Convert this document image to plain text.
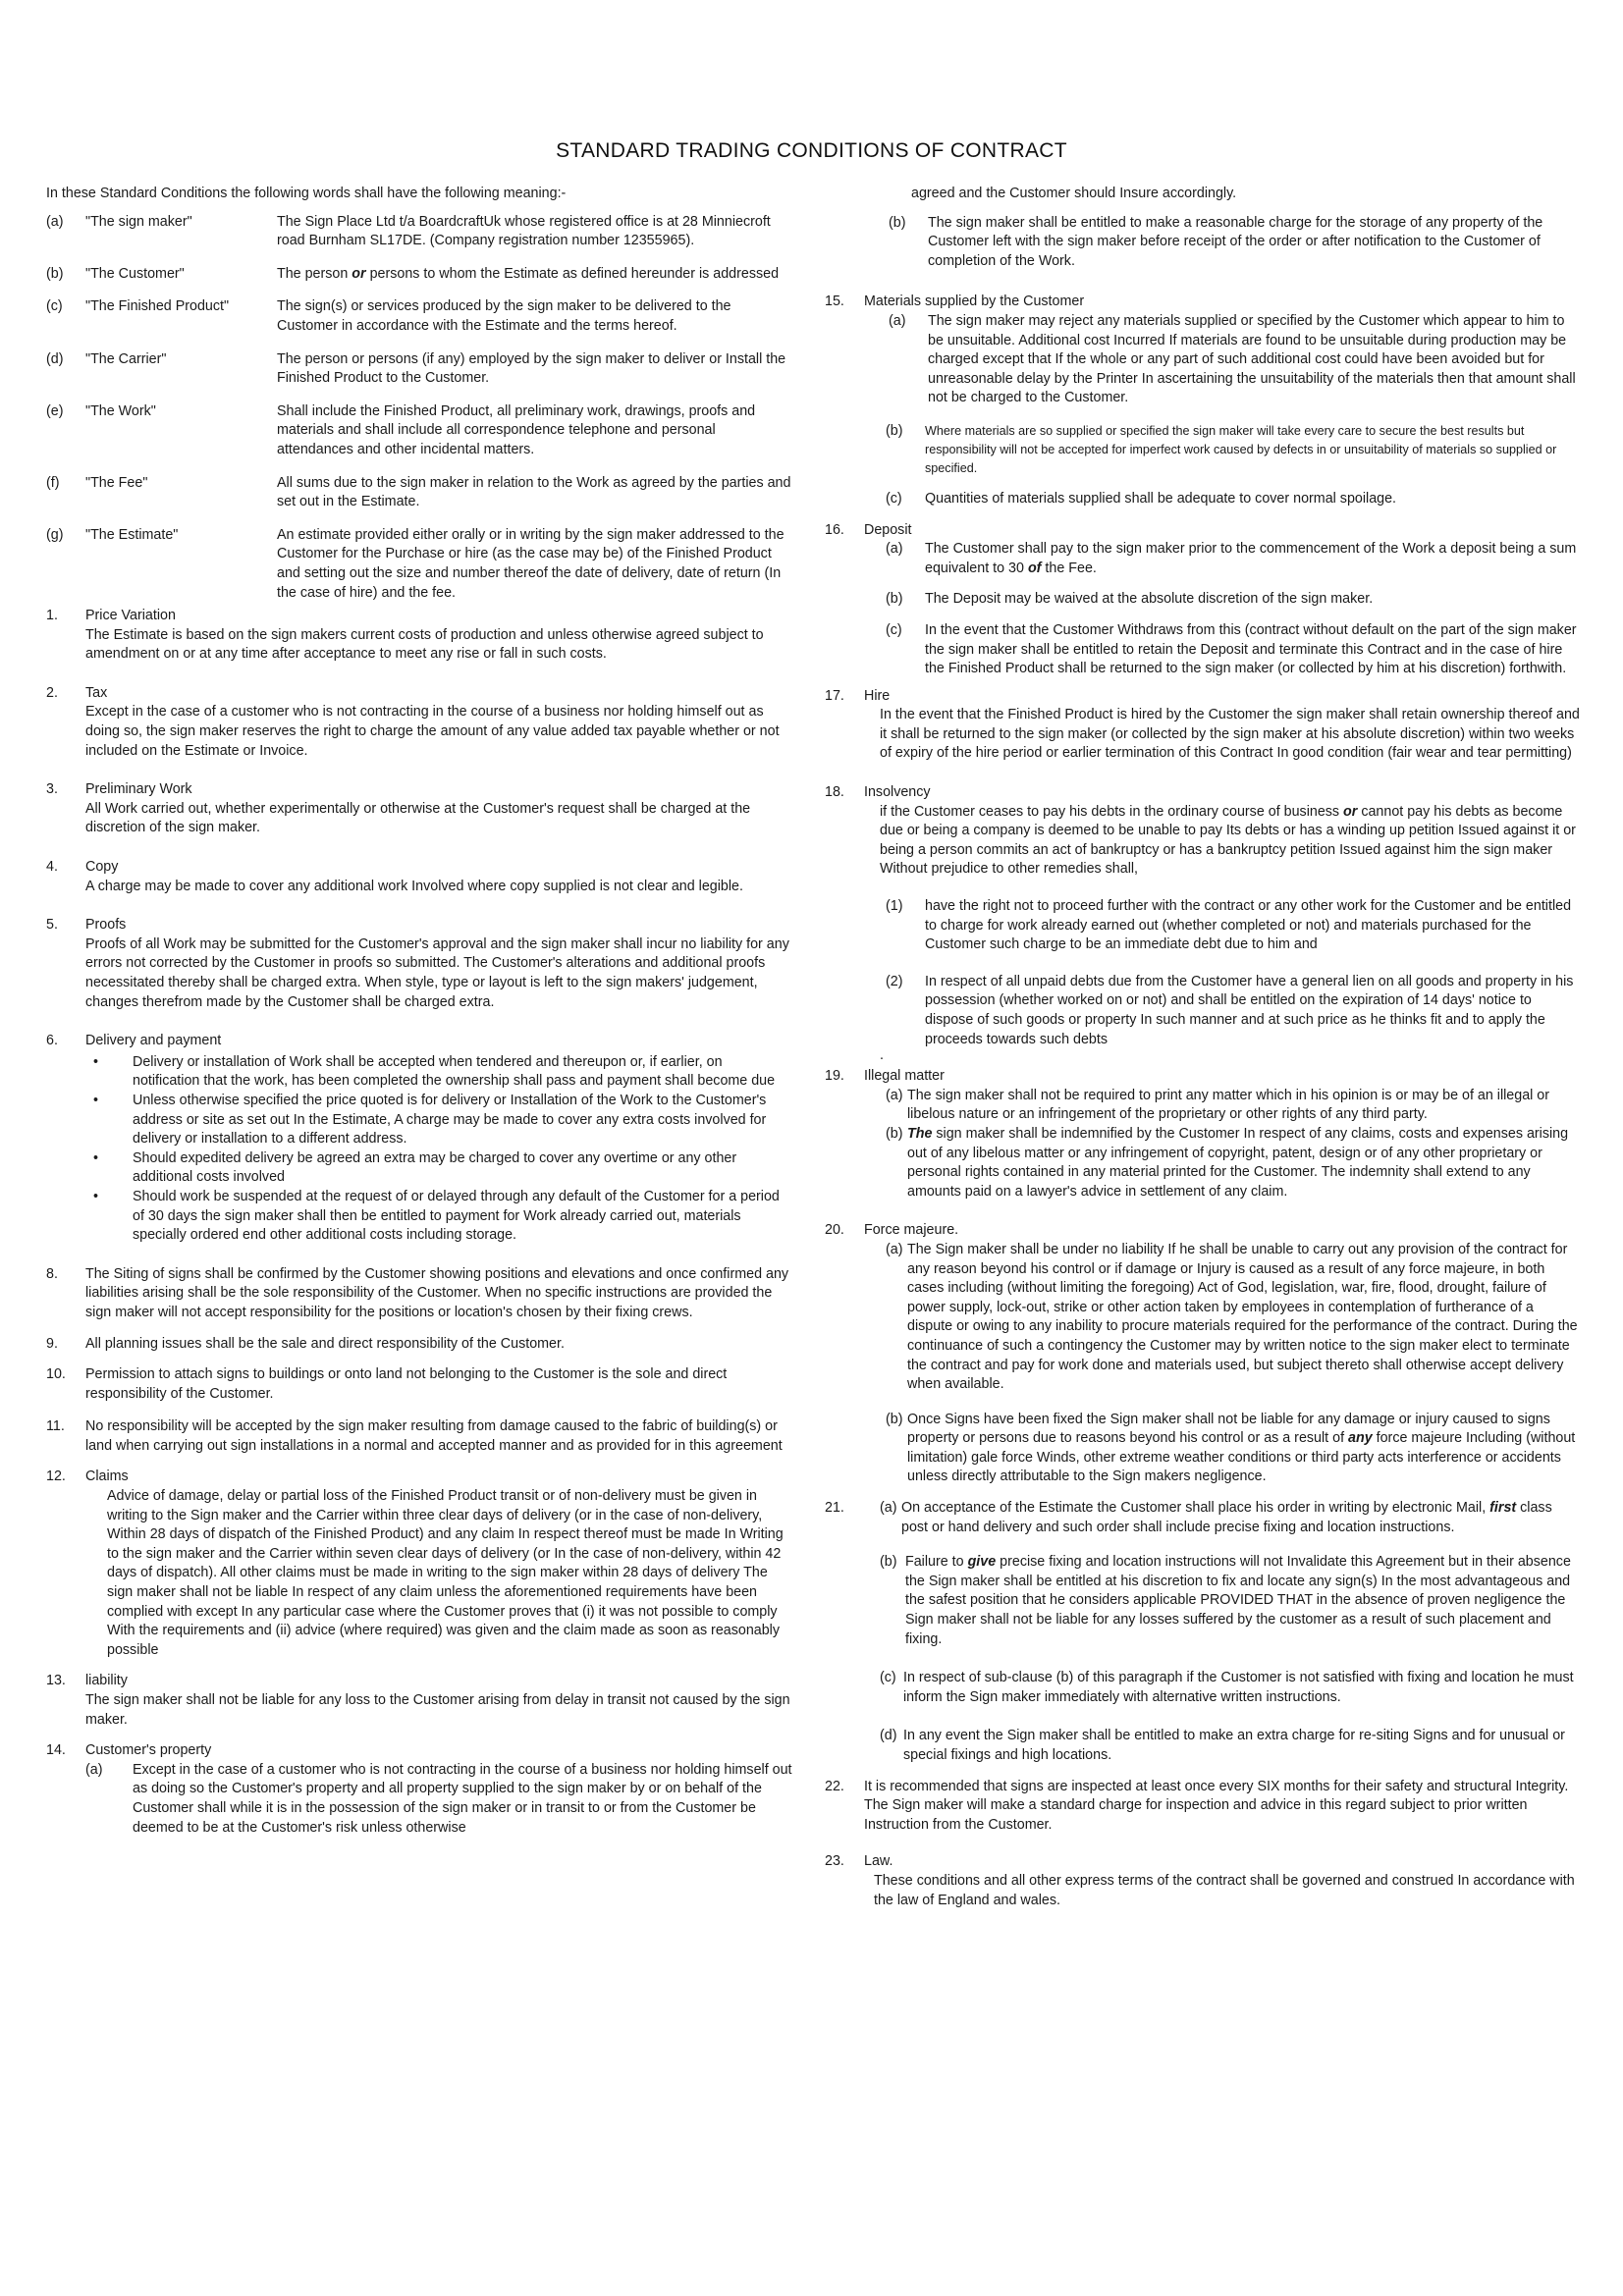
STANDARD TRADING CONDITIONS OF CONTRACT

In these Standard Conditions the following words shall have the following meaning:-

(a)	"The sign maker"	The Sign Place Ltd t/a BoardcraftUk whose registered office is at 28 Minniecroft road Burnham SL17DE. (Company registration number 12355965).
(b)	"The Customer"	The person or persons to whom the Estimate as defined hereunder is addressed
(c)	"The Finished Product"	The sign(s) or services produced by the sign maker to be delivered to the Customer in accordance with the Estimate and the terms hereof.
(d)	"The Carrier"	The person or persons (if any) employed by the sign maker to deliver or Install the Finished Product to the Customer.
(e)	"The Work"	Shall include the Finished Product, all preliminary work, drawings, proofs and materials and shall include all correspondence telephone and personal attendances and other incidental matters.
(f)	"The Fee"	All sums due to the sign maker in relation to the Work as agreed by the parties and set out in the Estimate.
(g)	"The Estimate"	An estimate provided either orally or in writing by the sign maker addressed to the Customer for the Purchase or hire (as the case may be) of the Finished Product and setting out the size and number thereof the date of delivery, date of return (In the case of hire) and the fee.
1.	Price Variation

The Estimate is based on the sign makers current costs of production and unless otherwise agreed subject to amendment on or at any time after acceptance to meet any rise or fall in such costs.

2.	Tax

Except in the case of a customer who is not contracting in the course of a business nor holding himself out as doing so, the sign maker reserves the right to charge the amount of any value added tax payable whether or not included on the Estimate or Invoice.

3.	Preliminary Work

All Work carried out, whether experimentally or otherwise at the Customer's request shall be charged at the discretion of the sign maker.

4.	Copy

A charge may be made to cover any additional work Involved where copy supplied is not clear and legible.

5.	Proofs

Proofs of all Work may be submitted for the Customer's approval and the sign maker shall incur no liability for any errors not corrected by the Customer in proofs so submitted. The Customer's alterations and additional proofs necessitated thereby shall be charged extra. When style, type or layout is left to the sign makers' judgement, changes therefrom made by the Customer shall be charged extra.

6.	Delivery and payment
• Delivery or installation of Work shall be accepted when tendered and thereupon or, if earlier, on notification that the work, has been completed the ownership shall pass and payment shall become due
• Unless otherwise specified the price quoted is for delivery or Installation of the Work to the Customer's address or site as set out In the Estimate, A charge may be made to cover any extra costs involved for delivery or installation to a different address.
• Should expedited delivery be agreed an extra may be charged to cover any overtime or any other additional costs involved
• Should work be suspended at the request of or delayed through any default of the Customer for a period of 30 days the sign maker shall then be entitled to payment for Work already carried out, materials specially ordered end other additional costs including storage.
8.	The Siting of signs shall be confirmed by the Customer showing positions and elevations and once confirmed any liabilities arising shall be the sole responsibility of the Customer. When no specific instructions are provided the sign maker will not accept responsibility for the positions or location's chosen by their fixing crews.
9.	All planning issues shall be the sale and direct responsibility of the Customer.
10.	Permission to attach signs to buildings or onto land not belonging to the Customer is the sole and direct responsibility of the Customer.
11.	No responsibility will be accepted by the sign maker resulting from damage caused to the fabric of building(s) or land when carrying out sign installations in a normal and accepted manner and as provided for in this agreement
12.	Claims

Advice of damage, delay or partial loss of the Finished Product transit or of non-delivery must be given in writing to the Sign maker and the Carrier within three clear days of delivery (or in the case of non-delivery, Within 28 days of dispatch of the Finished Product) and any claim In respect thereof must be made In Writing to the sign maker and the Carrier within seven clear days of delivery (or In the case of non-delivery, within 42 days of dispatch). All other claims must be made in writing to the sign maker within 28 days of delivery The sign maker shall not be liable In respect of any claim unless the aforementioned requirements have been complied with except In any particular case where the Customer proves that (i) it was not possible to comply With the requirements and (ii) advice (where required) was given and the claim made as soon as reasonably possible

13.	liability

The sign maker shall not be liable for any loss to the Customer arising from delay in transit not caused by the sign maker.

14.	Customer's property
(a)	Except in the case of a customer who is not contracting in the course of a business nor holding himself out as doing so the Customer's property and all property supplied to the sign maker by or on behalf of the Customer shall while it is in the possession of the sign maker or in transit to or from the Customer be deemed to be at the Customer's risk unless otherwise

agreed and the Customer should Insure accordingly.

(b)	The sign maker shall be entitled to make a reasonable charge for the storage of any property of the Customer left with the sign maker before receipt of the order or after notification to the Customer of completion of the Work.
15.	Materials supplied by the Customer
(a)	The sign maker may reject any materials supplied or specified by the Customer which appear to him to be unsuitable. Additional cost Incurred If materials are found to be unsuitable during production may be charged except that If the whole or any part of such additional cost could have been avoided but for unreasonable delay by the Printer In ascertaining the unsuitability of the materials then that amount shall not be charged to the Customer.
(b)	Where materials are so supplied or specified the sign maker will take every care to secure the best results but responsibility will not be accepted for imperfect work caused by defects in or unsuitability of materials so supplied or specified.
(c)	Quantities of materials supplied shall be adequate to cover normal spoilage.
16.	Deposit
(a)	The Customer shall pay to the sign maker prior to the commencement of the Work a deposit being a sum equivalent to 30 of the Fee.
(b)	The Deposit may be waived at the absolute discretion of the sign maker.
(c)	In the event that the Customer Withdraws from this (contract without default on the part of the sign maker the sign maker shall be entitled to retain the Deposit and terminate this Contract and in the case of hire the Finished Product shall be returned to the sign maker (or collected by him at his discretion) forthwith.
17.	Hire

In the event that the Finished Product is hired by the Customer the sign maker shall retain ownership thereof and it shall be returned to the sign maker (or collected by the sign maker at his absolute discretion) within two weeks of expiry of the hire period or earlier termination of this Contract In good condition (fair wear and tear permitting)

18.	Insolvency

if the Customer ceases to pay his debts in the ordinary course of business or cannot pay his debts as become due or being a company is deemed to be unable to pay Its debts or has a winding up petition Issued against it or being a person commits an act of bankruptcy or has a bankruptcy petition Issued against him the sign maker Without prejudice to other remedies shall,

(1)	have the right not to proceed further with the contract or any other work for the Customer and be entitled to charge for work already earned out (whether completed or not) and materials purchased for the Customer such charge to be an immediate debt due to him and
(2)	In respect of all unpaid debts due from the Customer have a general lien on all goods and property in his possession (whether worked on or not) and shall be entitled on the expiration of 14 days' notice to dispose of such goods or property In such manner and at such price as he thinks fit and to apply the proceeds towards such debts

.

19.	Illegal matter
(a) The sign maker shall not be required to print any matter which in his opinion is or may be of an illegal or libelous nature or an infringement of the proprietary or other rights of any third party.
(b) The sign maker shall be indemnified by the Customer In respect of any claims, costs and expenses arising out of any libelous matter or any infringement of copyright, patent, design or of any other proprietary or personal rights contained in any material printed for the Customer. The indemnity shall extend to any amounts paid on a lawyer's advice in settlement of any claim.
20.	Force majeure.
(a) The Sign maker shall be under no liability If he shall be unable to carry out any provision of the contract for any reason beyond his control or if damage or Injury is caused as a result of any force majeure, in both cases including (without limiting the foregoing) Act of God, legislation, war, fire, flood, drought, failure of power supply, lock-out, strike or other action taken by employees in contemplation of furtherance of a dispute or owing to any inability to procure materials required for the performance of the contract. During the continuance of such a contingency the Customer may by written notice to the sign maker elect to terminate the contract and pay for work done and materials used, but subject thereto shall otherwise accept delivery when available.
(b) Once Signs have been fixed the Sign maker shall not be liable for any damage or injury caused to signs property or persons due to reasons beyond his control or as a result of any force majeure Including (without limitation) gale force Winds, other extreme weather conditions or third party acts interference or accidents unless directly attributable to the Sign makers negligence.
21.	(a) On acceptance of the Estimate the Customer shall place his order in writing by electronic Mail, first class post or hand delivery and such order shall include precise fixing and location instructions.
(b) Failure to give precise fixing and location instructions will not Invalidate this Agreement but in their absence the Sign maker shall be entitled at his discretion to fix and locate any sign(s) In the most advantageous and the safest position that he considers applicable PROVIDED THAT in the absence of proven negligence the Sign maker shall not be liable for any losses suffered by the customer as a result of such placement and fixing.
(c) In respect of sub-clause (b) of this paragraph if the Customer is not satisfied with fixing and location he must inform the Sign maker immediately with alternative written instructions.
(d) In any event the Sign maker shall be entitled to make an extra charge for re-siting Signs and for unusual or special fixings and high locations.
22.	It is recommended that signs are inspected at least once every SIX months for their safety and structural Integrity. The Sign maker will make a standard charge for inspection and advice in this regard subject to prior written Instruction from the Customer.
23.	Law.

These conditions and all other express terms of the contract shall be governed and construed In accordance with the law of England and wales.
